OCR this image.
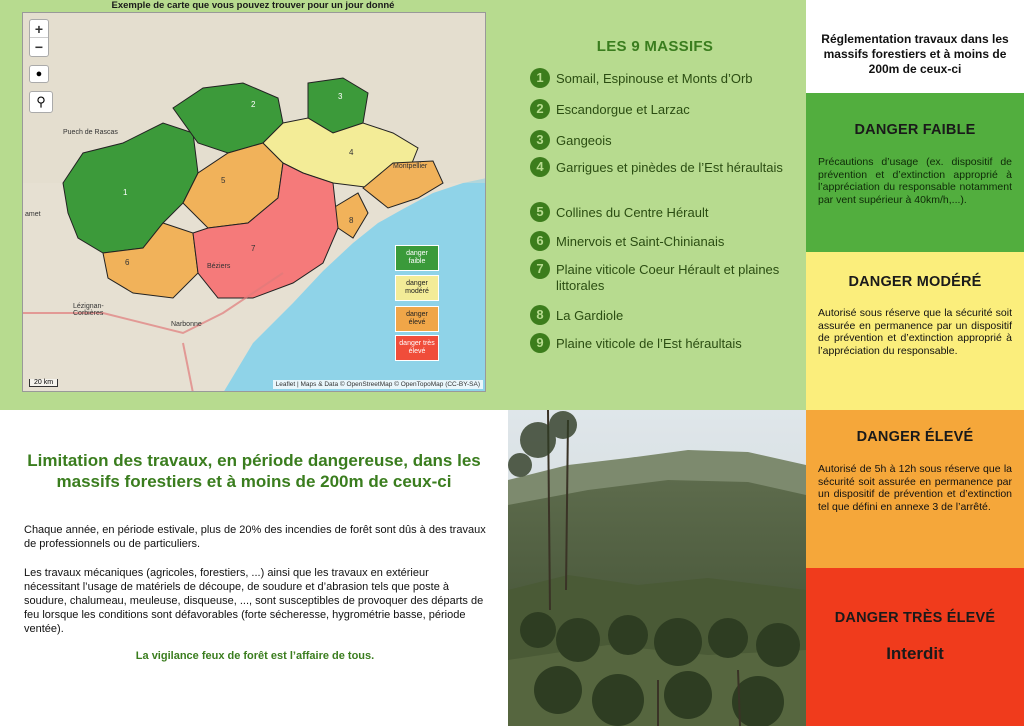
Exemple de carte que vous pouvez trouver pour un jour donné
1
2
3
4
5
6
7
8
+
−
●
⚲
Puech de Rascas
amet
Béziers
Narbonne
Lézignan-Corbières
Montpellier
danger faible
danger modéré
danger élevé
danger très élevé
20 km	Leaflet | Maps & Data © OpenStreetMap © OpenTopoMap (CC-BY-SA)
LES 9 MASSIFS
1 Somail, Espinouse et Monts d’Orb
2 Escandorgue et Larzac
3 Gangeois
4 Garrigues et pinèdes de l’Est héraultais
5 Collines du Centre Hérault
6 Minervois et Saint-Chinianais
7 Plaine viticole Coeur Hérault et plaines littorales
8 La Gardiole
9 Plaine viticole de l’Est héraultais
Réglementation travaux dans les massifs forestiers et à moins de 200m de ceux-ci
DANGER FAIBLE

Précautions d’usage (ex. dispositif de prévention et d’extinction approprié à l’appréciation du responsable notamment par vent supérieur à 40km/h,...).

DANGER MODÉRÉ

Autorisé sous réserve que la sécurité soit assurée en permanence par un dispositif de prévention et d’extinction approprié à l’appréciation du responsable.

DANGER ÉLEVÉ

Autorisé de 5h à 12h sous réserve que la sécurité soit assurée en permanence par un dispositif de prévention et d’extinction tel que défini en annexe 3 de l’arrêté.

DANGER TRÈS ÉLEVÉ
Interdit
Limitation des travaux, en période dangereuse, dans les massifs forestiers et à moins de 200m de ceux-ci
Chaque année, en période estivale, plus de 20% des incendies de forêt sont dûs à des travaux de professionnels ou de particuliers.
Les travaux mécaniques (agricoles, forestiers, ...) ainsi que les travaux en extérieur nécessitant l’usage de matériels de découpe, de soudure et d’abrasion tels que poste à soudure, chalumeau, meuleuse, disqueuse, ..., sont susceptibles de provoquer des départs de feu lorsque les conditions sont défavorables (forte sécheresse, hygrométrie basse, période ventée).
La vigilance feux de forêt est l’affaire de tous.
